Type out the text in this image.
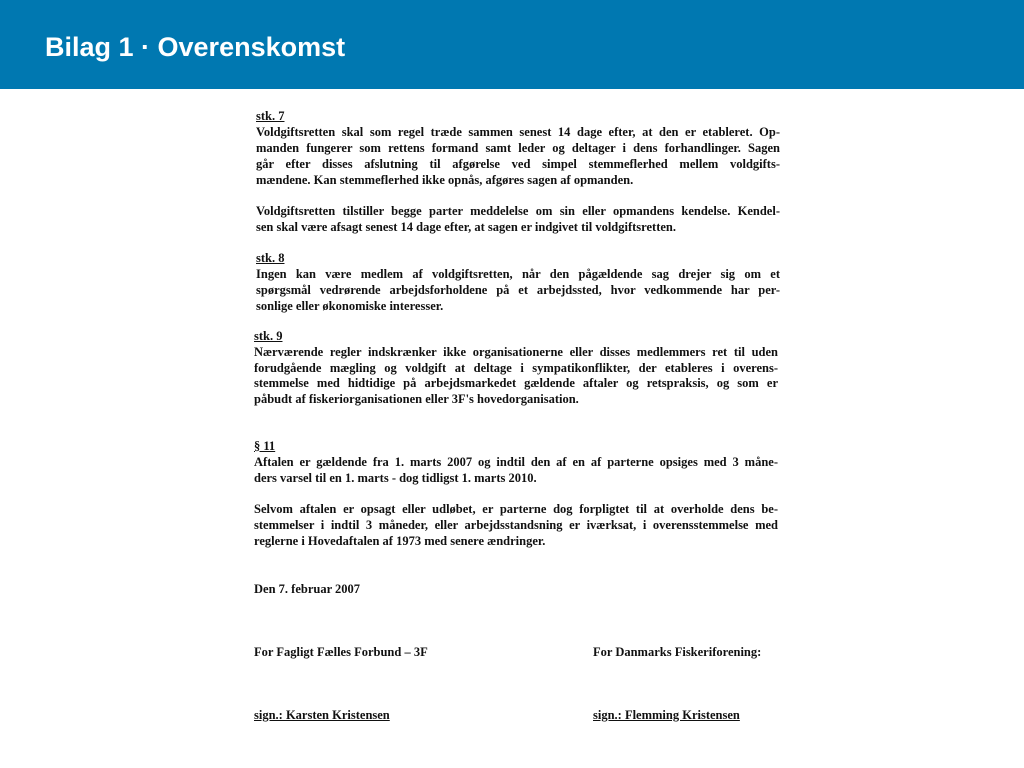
Bilag 1 · Overenskomst
stk. 7
Voldgiftsretten skal som regel træde sammen senest 14 dage efter, at den er etableret. Op-
manden fungerer som rettens formand samt leder og deltager i dens forhandlinger. Sagen
går efter disses afslutning til afgørelse ved simpel stemmeflerhed mellem voldgifts-
mændene. Kan stemmeflerhed ikke opnås, afgøres sagen af opmanden.
Voldgiftsretten tilstiller begge parter meddelelse om sin eller opmandens kendelse. Kendel-
sen skal være afsagt senest 14 dage efter, at sagen er indgivet til voldgiftsretten.
stk. 8
Ingen kan være medlem af voldgiftsretten, når den pågældende sag drejer sig om et
spørgsmål vedrørende arbejdsforholdene på et arbejdssted, hvor vedkommende har per-
sonlige eller økonomiske interesser.
stk. 9
Nærværende regler indskrænker ikke organisationerne eller disses medlemmers ret til uden
forudgående mægling og voldgift at deltage i sympatikonflikter, der etableres i overens-
stemmelse med hidtidige på arbejdsmarkedet gældende aftaler og retspraksis, og som er
påbudt af fiskeriorganisationen eller 3F's hovedorganisation.
§ 11
Aftalen er gældende fra 1. marts 2007 og indtil den af en af parterne opsiges med 3 måne-
ders varsel til en 1. marts - dog tidligst 1. marts 2010.
Selvom aftalen er opsagt eller udløbet, er parterne dog forpligtet til at overholde dens be-
stemmelser i indtil 3 måneder, eller arbejdsstandsning er iværksat, i overensstemmelse med
reglerne i Hovedaftalen af 1973 med senere ændringer.
Den 7. februar 2007
For Fagligt Fælles Forbund – 3F	For Danmarks Fiskeriforening:
sign.: Karsten Kristensen	sign.: Flemming Kristensen
